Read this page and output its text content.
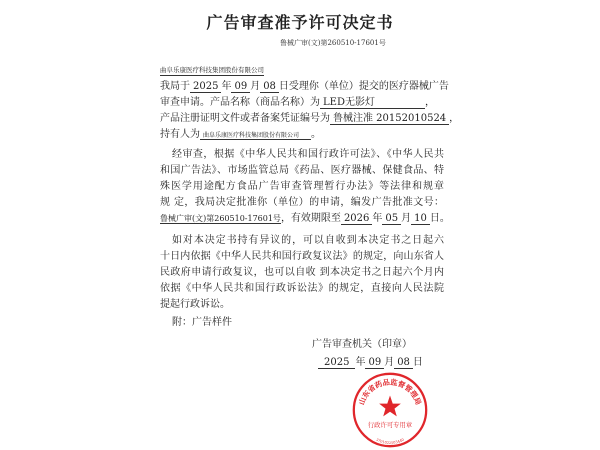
广告审查准予许可决定书
鲁械广审(文)第260510-17601号
曲阜乐康医疗科技集团股份有限公司
我局于 2025 年 09 月 08 日受理你（单位）提交的医疗器械广告
审查申请。产品名称（商品名称）为 LED无影灯	，
产品注册证明文件或者备案凭证编号为 鲁械注准 20152010524 ，
持有人为 曲阜乐康医疗科技集团股份有限公司 。
经审查，根据《中华人民共和国行政许可法》、《中华人民共
和国广告法》、市场监管总局《药品、医疗器械、保健食品、特
殊医学用途配方食品广告审查管理暂行办法》等法律和规章
规 定，我局决定批准你（单位）的申请，编发广告批准文号：
鲁械广审(文)第260510-17601号，有效期限至 2026 年 05 月 10 日。
如对本决定书持有异议的，可以自收到本决定书之日起六
十日内依据《中华人民共和国行政复议法》的规定，向山东省人
民政府申请行政复议，也可以自收 到本决定书之日起六个月内
依据《中华人民共和国行政诉讼法》的规定，直接向人民法院
提起行政诉讼。
附：广告样件
广告审查机关（印章）
2025 年 09 月 08 日
山东省药品监督管理局
行政许可专用章
3701022503440
